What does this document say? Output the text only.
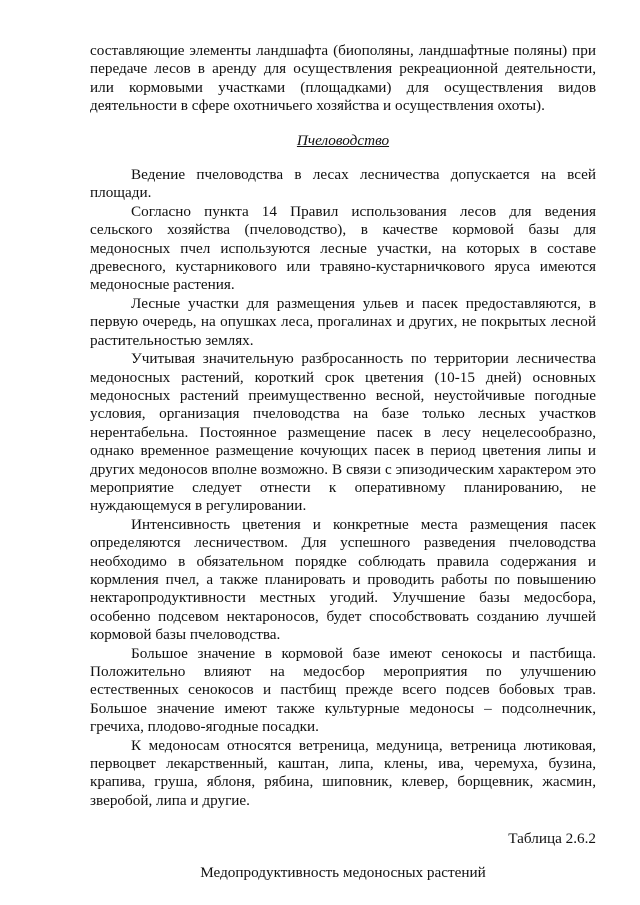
составляющие элементы ландшафта (биополяны, ландшафтные поляны) при передаче лесов в аренду для осуществления рекреационной деятельности, или кормовыми участками (площадками) для осуществления видов деятельности в сфере охотничьего хозяйства и осуществления охоты).

Пчеловодство

Ведение пчеловодства в лесах лесничества допускается на всей площади.

Согласно пункта 14 Правил использования лесов для ведения сельского хозяйства (пчеловодство), в качестве кормовой базы для медоносных пчел используются лесные участки, на которых в составе древесного, кустарникового или травяно-кустарничкового яруса имеются медоносные растения.

Лесные участки для размещения ульев и пасек предоставляются, в первую очередь, на опушках леса, прогалинах и других, не покрытых лесной растительностью землях.

Учитывая значительную разбросанность по территории лесничества медоносных растений, короткий срок цветения (10-15 дней) основных медоносных растений преимущественно весной, неустойчивые погодные условия, организация пчеловодства на базе только лесных участков нерентабельна. Постоянное размещение пасек в лесу нецелесообразно, однако временное размещение кочующих пасек в период цветения липы и других медоносов вполне возможно. В связи с эпизодическим характером это мероприятие следует отнести к оперативному планированию, не нуждающемуся в регулировании.

Интенсивность цветения и конкретные места размещения пасек определяются лесничеством. Для успешного разведения пчеловодства необходимо в обязательном порядке соблюдать правила содержания и кормления пчел, а также планировать и проводить работы по повышению нектаропродуктивности местных угодий. Улучшение базы медосбора, особенно подсевом нектароносов, будет способствовать созданию лучшей кормовой базы пчеловодства.

Большое значение в кормовой базе имеют сенокосы и пастбища. Положительно влияют на медосбор мероприятия по улучшению естественных сенокосов и пастбищ прежде всего подсев бобовых трав. Большое значение имеют также культурные медоносы – подсолнечник, гречиха, плодово-ягодные посадки.

К медоносам относятся ветреница, медуница, ветреница лютиковая, первоцвет лекарственный, каштан, липа, клены, ива, черемуха, бузина, крапива, груша, яблоня, рябина, шиповник, клевер, борщевник, жасмин, зверобой, липа и другие.

Таблица 2.6.2

Медопродуктивность медоносных растений
